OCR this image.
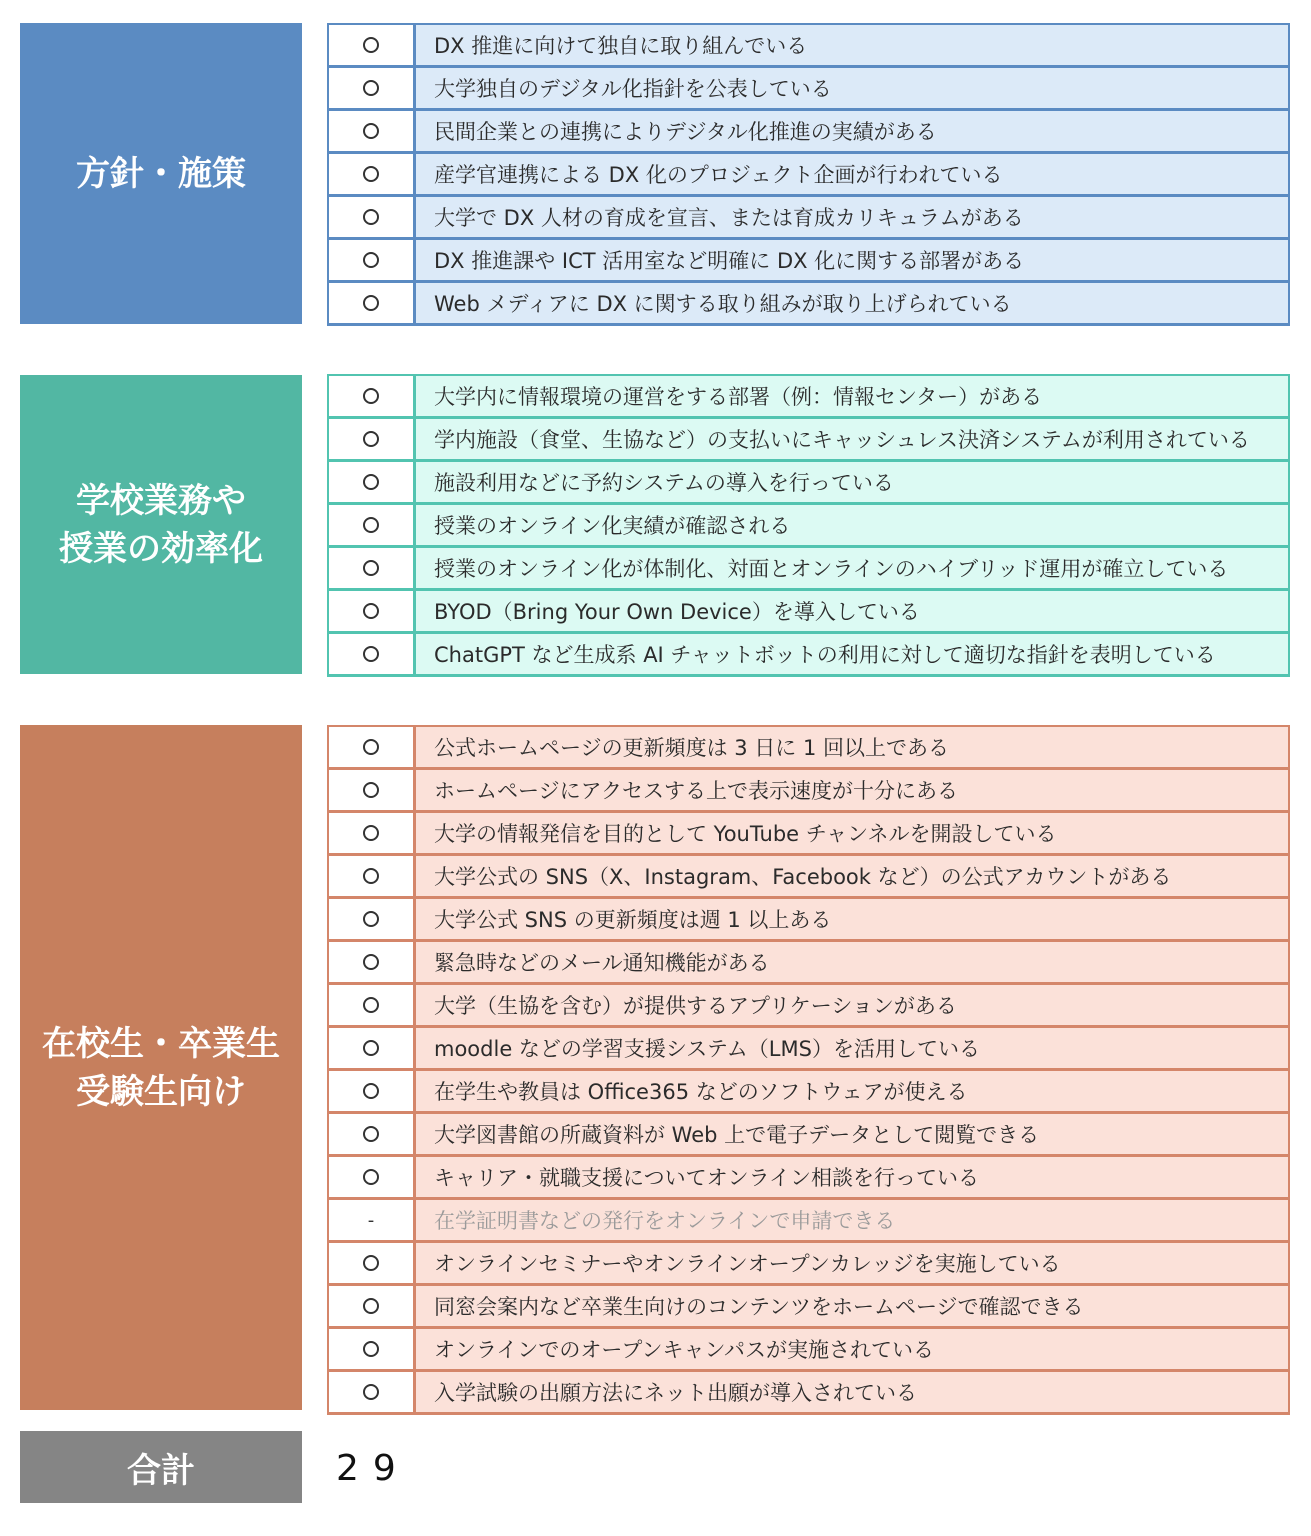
方針・施策
DX 推進に向けて独自に取り組んでいる
大学独自のデジタル化指針を公表している
民間企業との連携によりデジタル化推進の実績がある
産学官連携による DX 化のプロジェクト企画が行われている
大学で DX 人材の育成を宣言、または育成カリキュラムがある
DX 推進課や ICT 活用室など明確に DX 化に関する部署がある
Web メディアに DX に関する取り組みが取り上げられている
学校業務や
授業の効率化
大学内に情報環境の運営をする部署（例：情報センター）がある
学内施設（食堂、生協など）の支払いにキャッシュレス決済システムが利用されている
施設利用などに予約システムの導入を行っている
授業のオンライン化実績が確認される
授業のオンライン化が体制化、対面とオンラインのハイブリッド運用が確立している
BYOD（Bring Your Own Device）を導入している
ChatGPT など生成系 AI チャットボットの利用に対して適切な指針を表明している
在校生・卒業生
受験生向け
公式ホームページの更新頻度は 3 日に 1 回以上である
ホームページにアクセスする上で表示速度が十分にある
大学の情報発信を目的として YouTube チャンネルを開設している
大学公式の SNS（X、Instagram、Facebook など）の公式アカウントがある
大学公式 SNS の更新頻度は週 1 以上ある
緊急時などのメール通知機能がある
大学（生協を含む）が提供するアプリケーションがある
moodle などの学習支援システム（LMS）を活用している
在学生や教員は Office365 などのソフトウェアが使える
大学図書館の所蔵資料が Web 上で電子データとして閲覧できる
キャリア・就職支援についてオンライン相談を行っている
-	在学証明書などの発行をオンラインで申請できる
オンラインセミナーやオンラインオープンカレッジを実施している
同窓会案内など卒業生向けのコンテンツをホームページで確認できる
オンラインでのオープンキャンパスが実施されている
入学試験の出願方法にネット出願が導入されている
合計	29
